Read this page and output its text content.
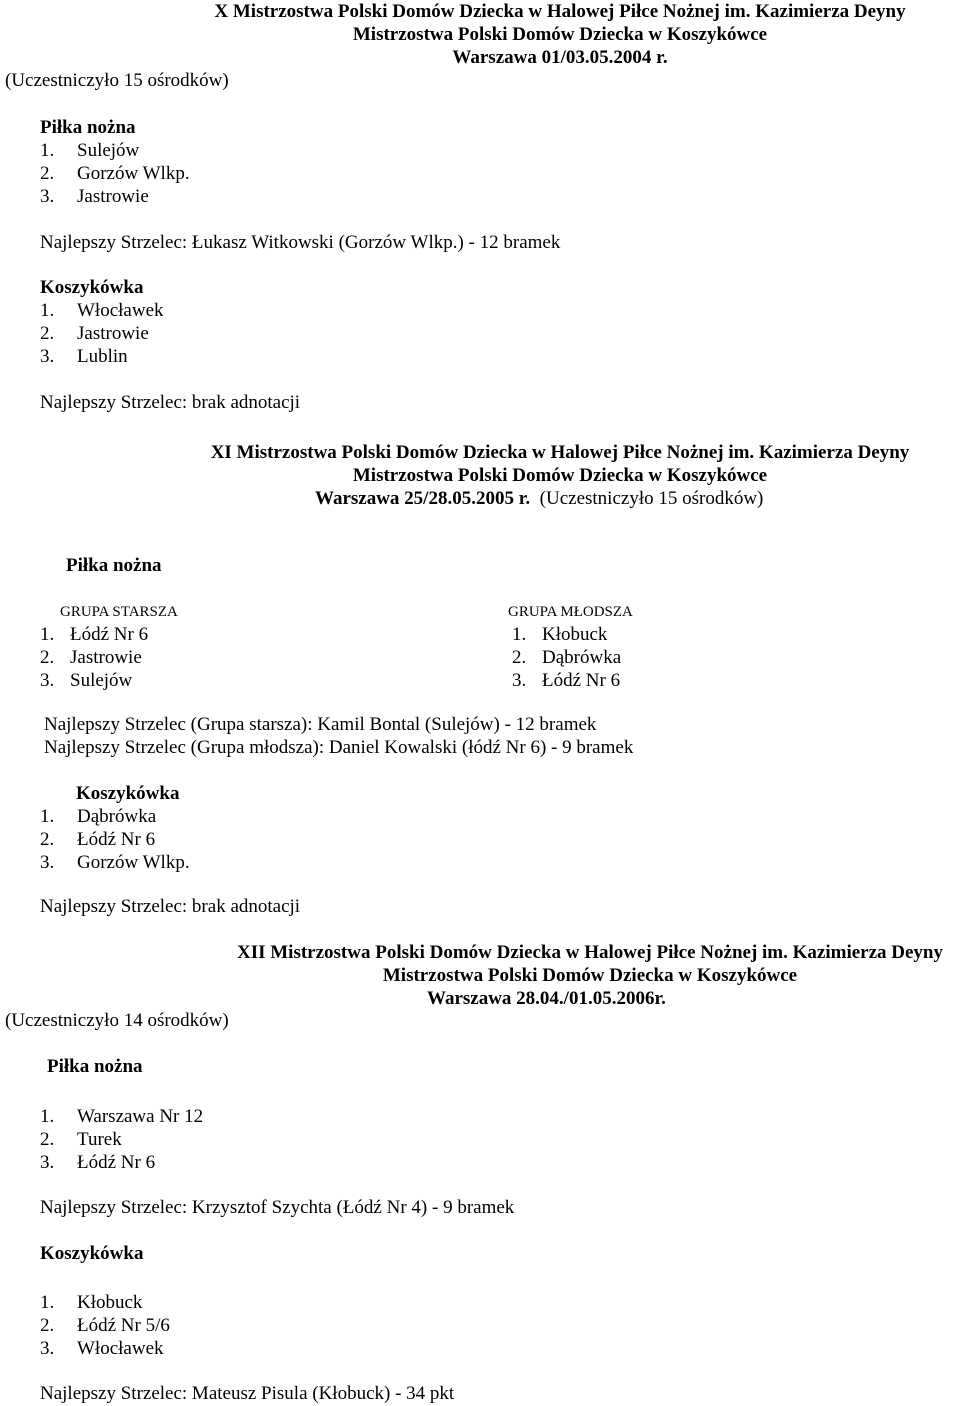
X Mistrzostwa Polski Domów Dziecka w Halowej Piłce Nożnej im. Kazimierza Deyny
Mistrzostwa Polski Domów Dziecka w Koszykówce
Warszawa 01/03.05.2004 r.
(Uczestniczyło 15 ośrodków)
Piłka nożna
1. Sulejów
2. Gorzów Wlkp.
3. Jastrowie
Najlepszy Strzelec: Łukasz Witkowski (Gorzów Wlkp.) - 12 bramek
Koszykówka
1. Włocławek
2. Jastrowie
3. Lublin
Najlepszy Strzelec: brak adnotacji
XI Mistrzostwa Polski Domów Dziecka w Halowej Piłce Nożnej im. Kazimierza Deyny
Mistrzostwa Polski Domów Dziecka w Koszykówce
Warszawa 25/28.05.2005 r. (Uczestniczyło 15 ośrodków)
Piłka nożna
GRUPA STARSZA
1. Łódź Nr 6
2. Jastrowie
3. Sulejów
GRUPA MŁODSZA
1. Kłobuck
2. Dąbrówka
3. Łódź Nr 6
Najlepszy Strzelec (Grupa starsza): Kamil Bontal (Sulejów) - 12 bramek
Najlepszy Strzelec (Grupa młodsza): Daniel Kowalski (łódź Nr 6) - 9 bramek
Koszykówka
1. Dąbrówka
2. Łódź Nr 6
3. Gorzów Wlkp.
Najlepszy Strzelec: brak adnotacji
XII Mistrzostwa Polski Domów Dziecka w Halowej Piłce Nożnej im. Kazimierza Deyny
Mistrzostwa Polski Domów Dziecka w Koszykówce
Warszawa 28.04./01.05.2006r.
(Uczestniczyło 14 ośrodków)
Piłka nożna
1. Warszawa Nr 12
2. Turek
3. Łódź Nr 6
Najlepszy Strzelec: Krzysztof Szychta (Łódź Nr 4) - 9 bramek
Koszykówka
1. Kłobuck
2. Łódź Nr 5/6
3. Włocławek
Najlepszy Strzelec: Mateusz Pisula (Kłobuck) - 34 pkt
